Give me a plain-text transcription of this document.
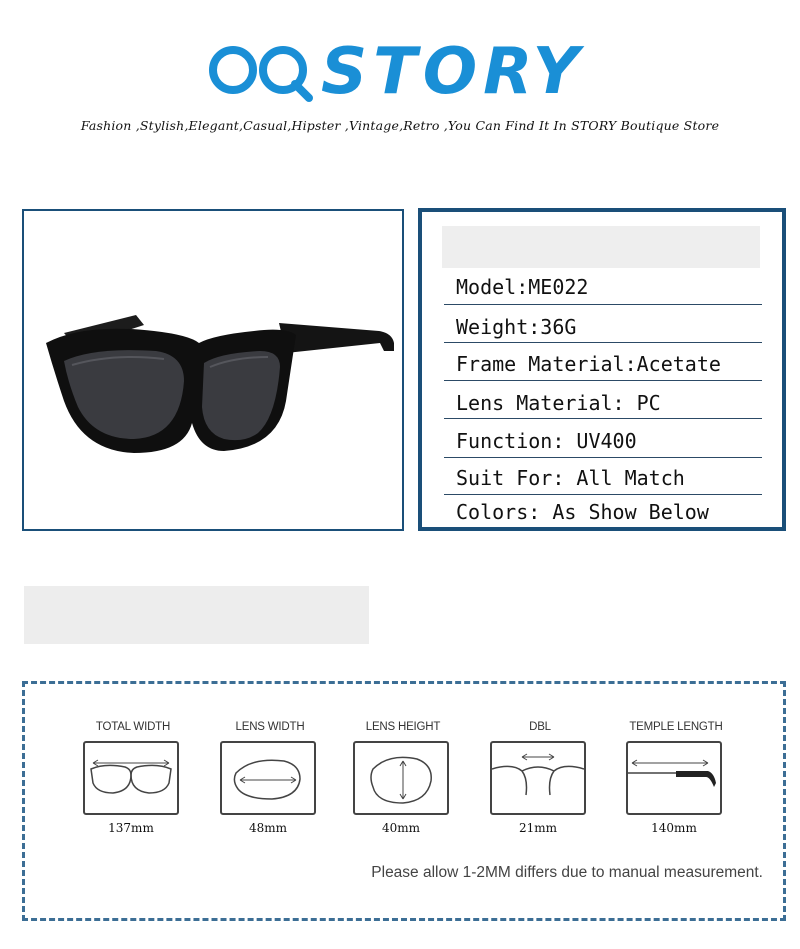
STORY
Fashion ,Stylish,Elegant,Casual,Hipster ,Vintage,Retro ,You Can Find It In STORY Boutique Store
Model:ME022
Weight:36G
Frame Material:Acetate
Lens Material: PC
Function: UV400
Suit For: All Match
Colors: As Show Below
TOTAL WIDTH
137mm
LENS WIDTH
48mm
LENS HEIGHT
40mm
DBL
21mm
TEMPLE LENGTH
140mm
Please allow 1-2MM differs due to manual measurement.
